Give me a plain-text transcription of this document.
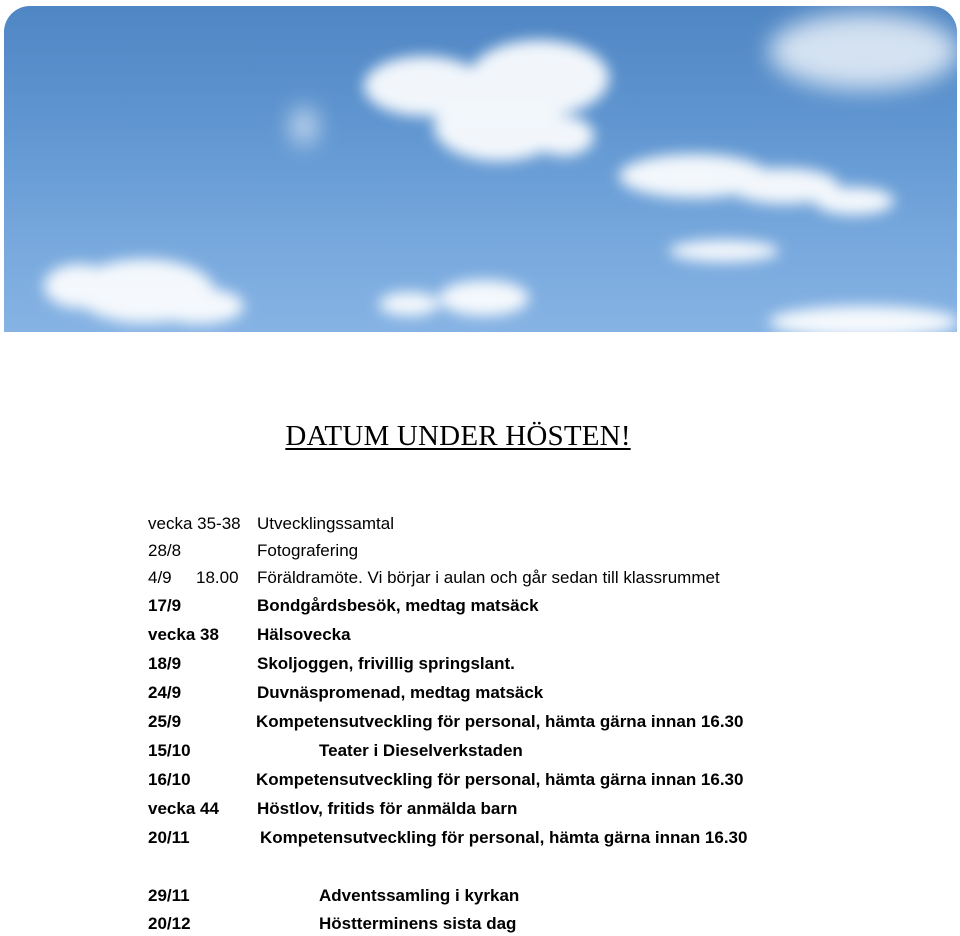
DATUM UNDER HÖSTEN!
vecka 35-38 Utvecklingssamtal
28/8	Fotografering
4/9 18.00 Föräldramöte. Vi börjar i aulan och går sedan till klassrummet
17/9	Bondgårdsbesök, medtag matsäck
vecka 38 Hälsovecka
18/9	Skoljoggen, frivillig springslant.
24/9	Duvnäspromenad, medtag matsäck
25/9	Kompetensutveckling för personal, hämta gärna innan 16.30
15/10	Teater i Dieselverkstaden
16/10	Kompetensutveckling för personal, hämta gärna innan 16.30
vecka 44 Höstlov, fritids för anmälda barn
20/11	Kompetensutveckling för personal, hämta gärna innan 16.30
29/11	Adventssamling i kyrkan
20/12	Höstterminens sista dag
